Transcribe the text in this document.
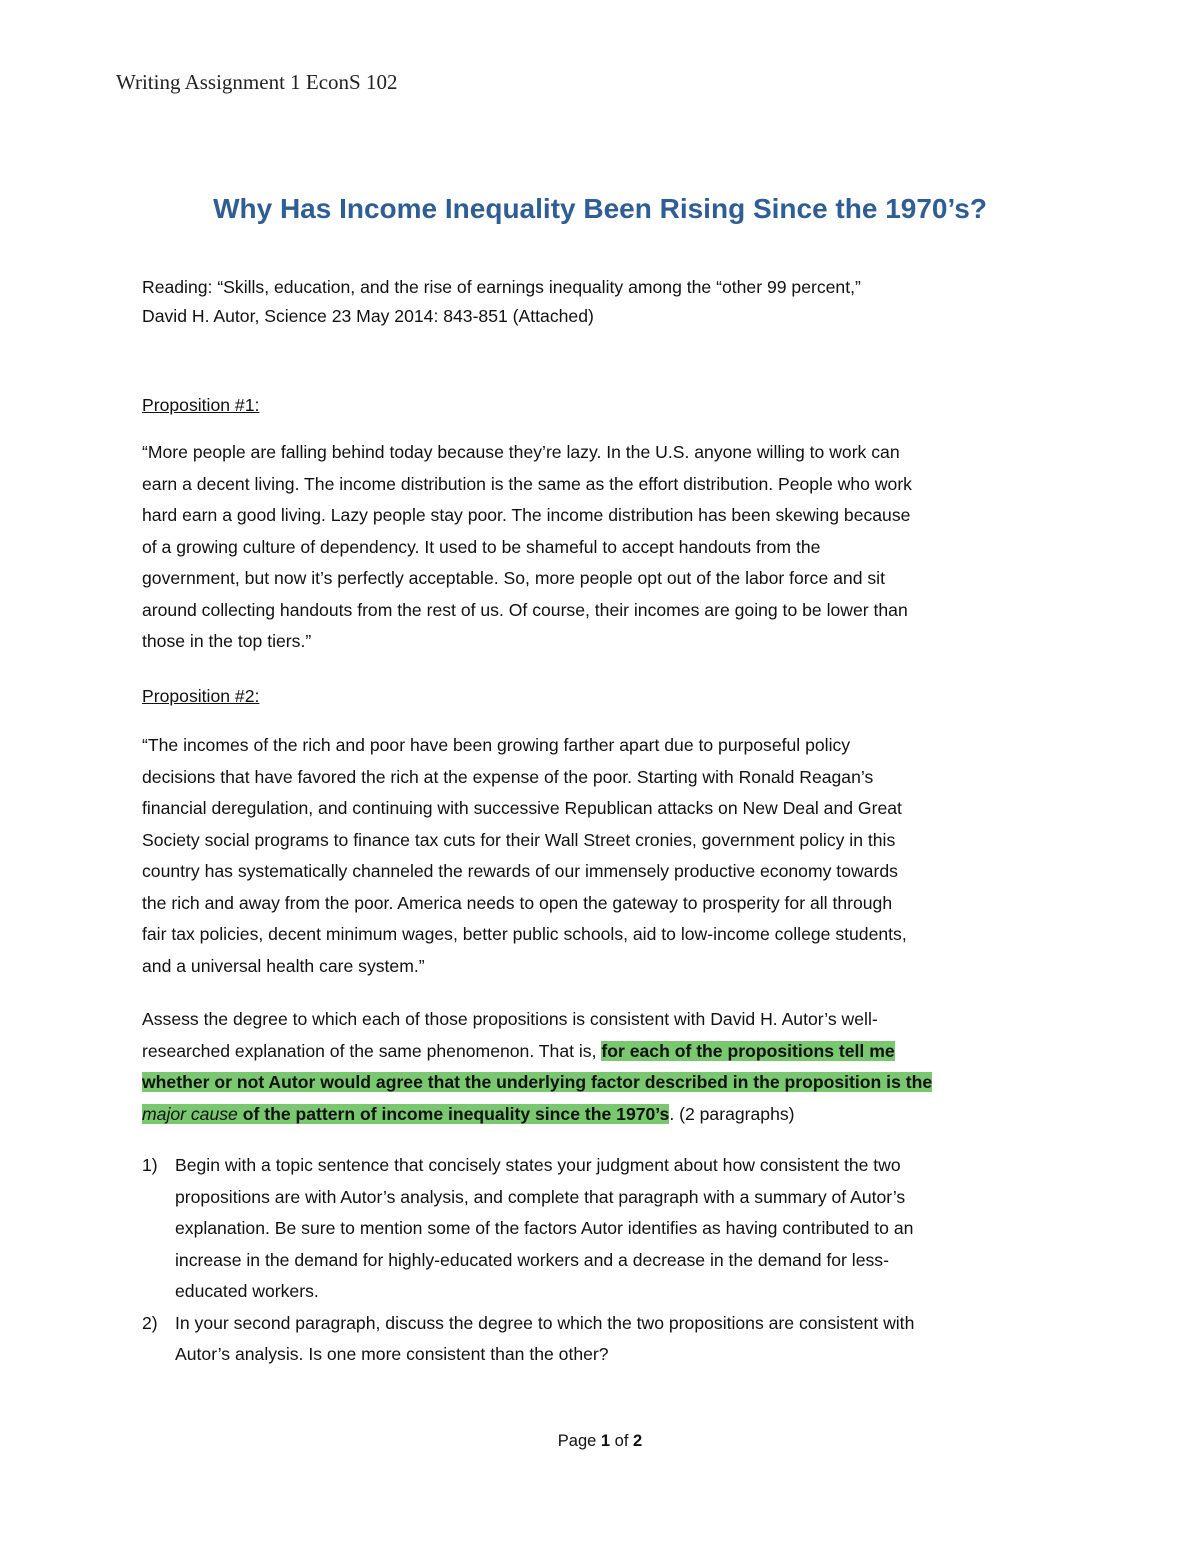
Writing Assignment 1 EconS 102
Why Has Income Inequality Been Rising Since the 1970’s?
Reading: “Skills, education, and the rise of earnings inequality among the “other 99 percent,”
David H. Autor, Science 23 May 2014: 843-851 (Attached)
Proposition #1:
“More people are falling behind today because they’re lazy. In the U.S. anyone willing to work can
earn a decent living. The income distribution is the same as the effort distribution. People who work
hard earn a good living. Lazy people stay poor. The income distribution has been skewing because
of a growing culture of dependency. It used to be shameful to accept handouts from the
government, but now it’s perfectly acceptable. So, more people opt out of the labor force and sit
around collecting handouts from the rest of us. Of course, their incomes are going to be lower than
those in the top tiers.”
Proposition #2:
“The incomes of the rich and poor have been growing farther apart due to purposeful policy
decisions that have favored the rich at the expense of the poor. Starting with Ronald Reagan’s
financial deregulation, and continuing with successive Republican attacks on New Deal and Great
Society social programs to finance tax cuts for their Wall Street cronies, government policy in this
country has systematically channeled the rewards of our immensely productive economy towards
the rich and away from the poor. America needs to open the gateway to prosperity for all through
fair tax policies, decent minimum wages, better public schools, aid to low-income college students,
and a universal health care system.”
Assess the degree to which each of those propositions is consistent with David H. Autor’s well-
researched explanation of the same phenomenon. That is, for each of the propositions tell me
whether or not Autor would agree that the underlying factor described in the proposition is the
major cause of the pattern of income inequality since the 1970’s. (2 paragraphs)
1) Begin with a topic sentence that concisely states your judgment about how consistent the two
propositions are with Autor’s analysis, and complete that paragraph with a summary of Autor’s
explanation. Be sure to mention some of the factors Autor identifies as having contributed to an
increase in the demand for highly-educated workers and a decrease in the demand for less-
educated workers.
2) In your second paragraph, discuss the degree to which the two propositions are consistent with
Autor’s analysis. Is one more consistent than the other?
Page 1 of 2
